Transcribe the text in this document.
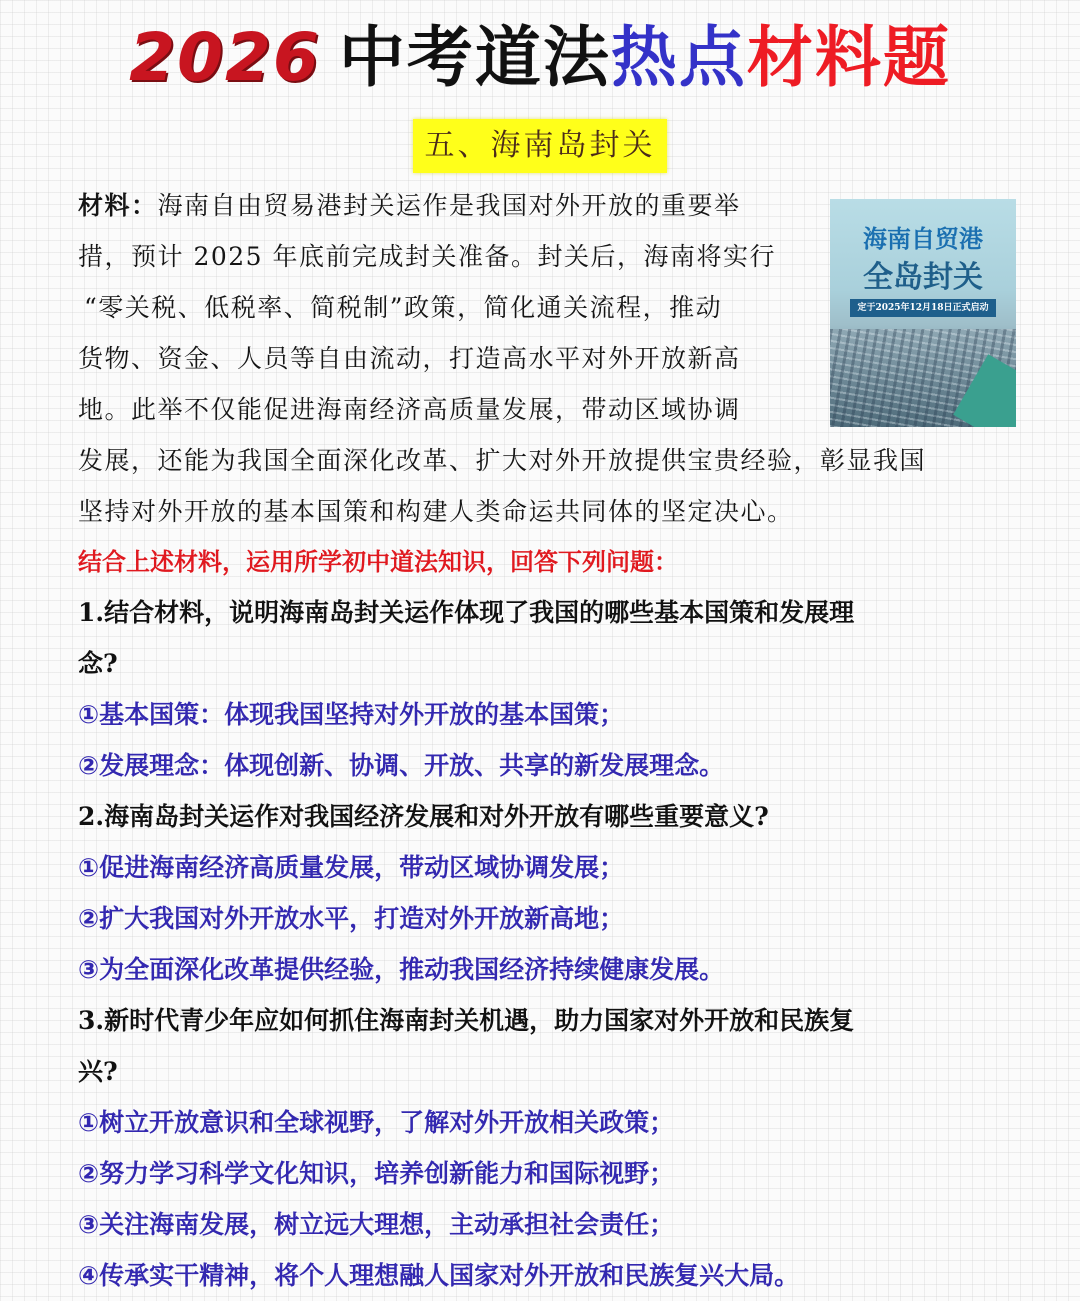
2026 中考道法热点材料题
五、海南岛封关
海南自贸港
全岛封关
定于2025年12月18日正式启动
材料：海南自由贸易港封关运作是我国对外开放的重要举
措，预计 2025 年底前完成封关准备。封关后，海南将实行
“零关税、低税率、简税制”政策，简化通关流程，推动
货物、资金、人员等自由流动，打造高水平对外开放新高
地。此举不仅能促进海南经济高质量发展，带动区域协调
发展，还能为我国全面深化改革、扩大对外开放提供宝贵经验，彰显我国
坚持对外开放的基本国策和构建人类命运共同体的坚定决心。
结合上述材料，运用所学初中道法知识，回答下列问题：
1.结合材料，说明海南岛封关运作体现了我国的哪些基本国策和发展理
念?
①基本国策：体现我国坚持对外开放的基本国策；
②发展理念：体现创新、协调、开放、共享的新发展理念。
2.海南岛封关运作对我国经济发展和对外开放有哪些重要意义?
①促进海南经济高质量发展，带动区域协调发展；
②扩大我国对外开放水平，打造对外开放新高地；
③为全面深化改革提供经验，推动我国经济持续健康发展。
3.新时代青少年应如何抓住海南封关机遇，助力国家对外开放和民族复
兴?
①树立开放意识和全球视野，了解对外开放相关政策；
②努力学习科学文化知识，培养创新能力和国际视野；
③关注海南发展，树立远大理想，主动承担社会责任；
④传承实干精神，将个人理想融人国家对外开放和民族复兴大局。
